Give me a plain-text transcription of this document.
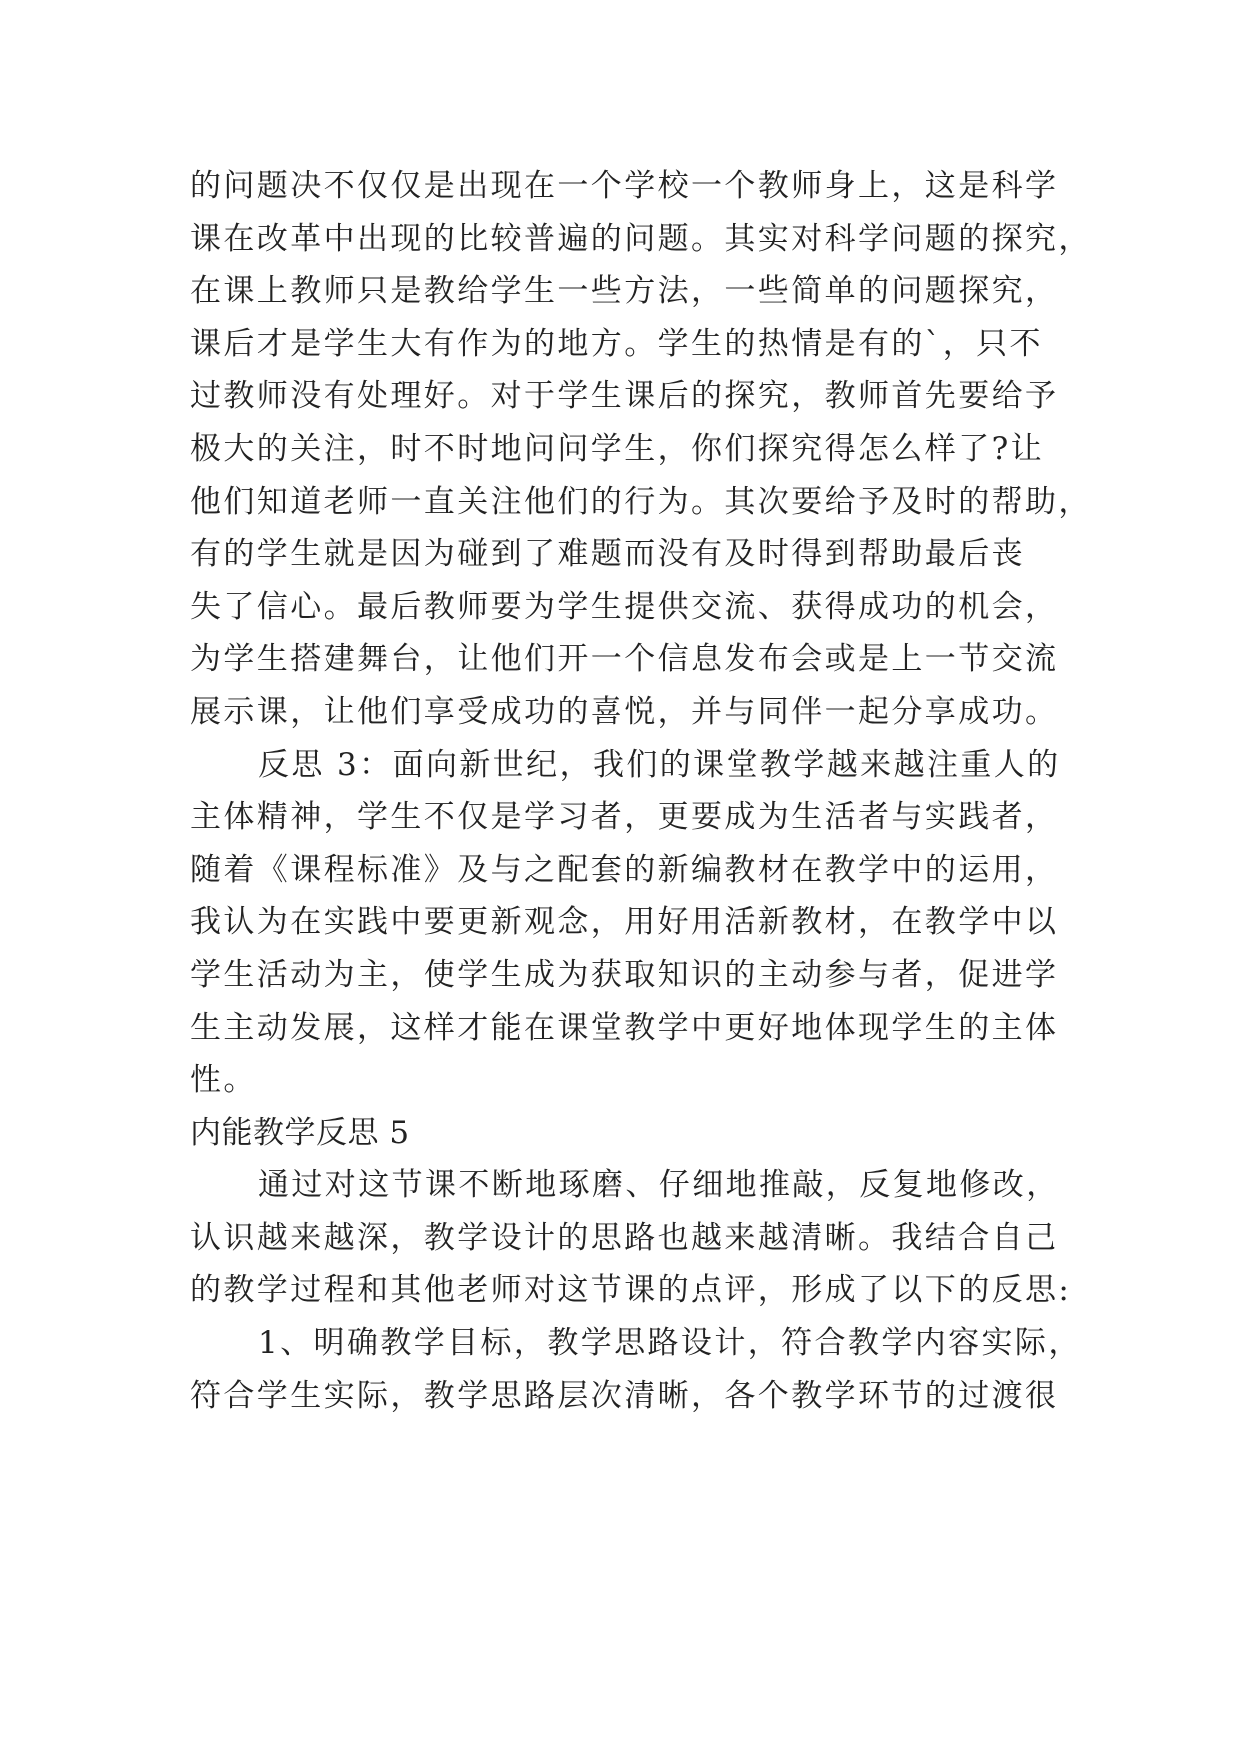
的问题决不仅仅是出现在一个学校一个教师身上，这是科学
课在改革中出现的比较普遍的问题。其实对科学问题的探究，
在课上教师只是教给学生一些方法，一些简单的问题探究，
课后才是学生大有作为的地方。学生的热情是有的`，只不
过教师没有处理好。对于学生课后的探究，教师首先要给予
极大的关注，时不时地问问学生，你们探究得怎么样了?让
他们知道老师一直关注他们的行为。其次要给予及时的帮助，
有的学生就是因为碰到了难题而没有及时得到帮助最后丧
失了信心。最后教师要为学生提供交流、获得成功的机会，
为学生搭建舞台，让他们开一个信息发布会或是上一节交流
展示课，让他们享受成功的喜悦，并与同伴一起分享成功。
反思 3：面向新世纪，我们的课堂教学越来越注重人的
主体精神，学生不仅是学习者，更要成为生活者与实践者，
随着《课程标准》及与之配套的新编教材在教学中的运用，
我认为在实践中要更新观念，用好用活新教材，在教学中以
学生活动为主，使学生成为获取知识的主动参与者，促进学
生主动发展，这样才能在课堂教学中更好地体现学生的主体
性。
内能教学反思 5
通过对这节课不断地琢磨、仔细地推敲，反复地修改，
认识越来越深，教学设计的思路也越来越清晰。我结合自己
的教学过程和其他老师对这节课的点评，形成了以下的反思:
1、明确教学目标，教学思路设计，符合教学内容实际，
符合学生实际，教学思路层次清晰，各个教学环节的过渡很
